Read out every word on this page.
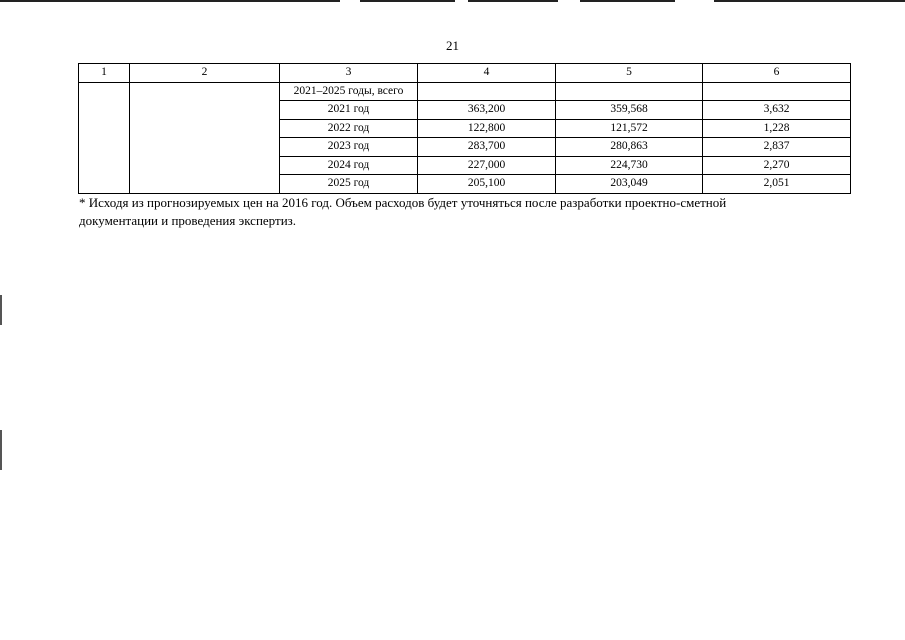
21
1	2	3	4	5	6
		2021–2025 годы, всего			
		2021 год	363,200	359,568	3,632
		2022 год	122,800	121,572	1,228
		2023 год	283,700	280,863	2,837
		2024 год	227,000	224,730	2,270
		2025 год	205,100	203,049	2,051
* Исходя из прогнозируемых цен на 2016 год. Объем расходов будет уточняться после разработки проектно-сметной
документации и проведения экспертиз.
